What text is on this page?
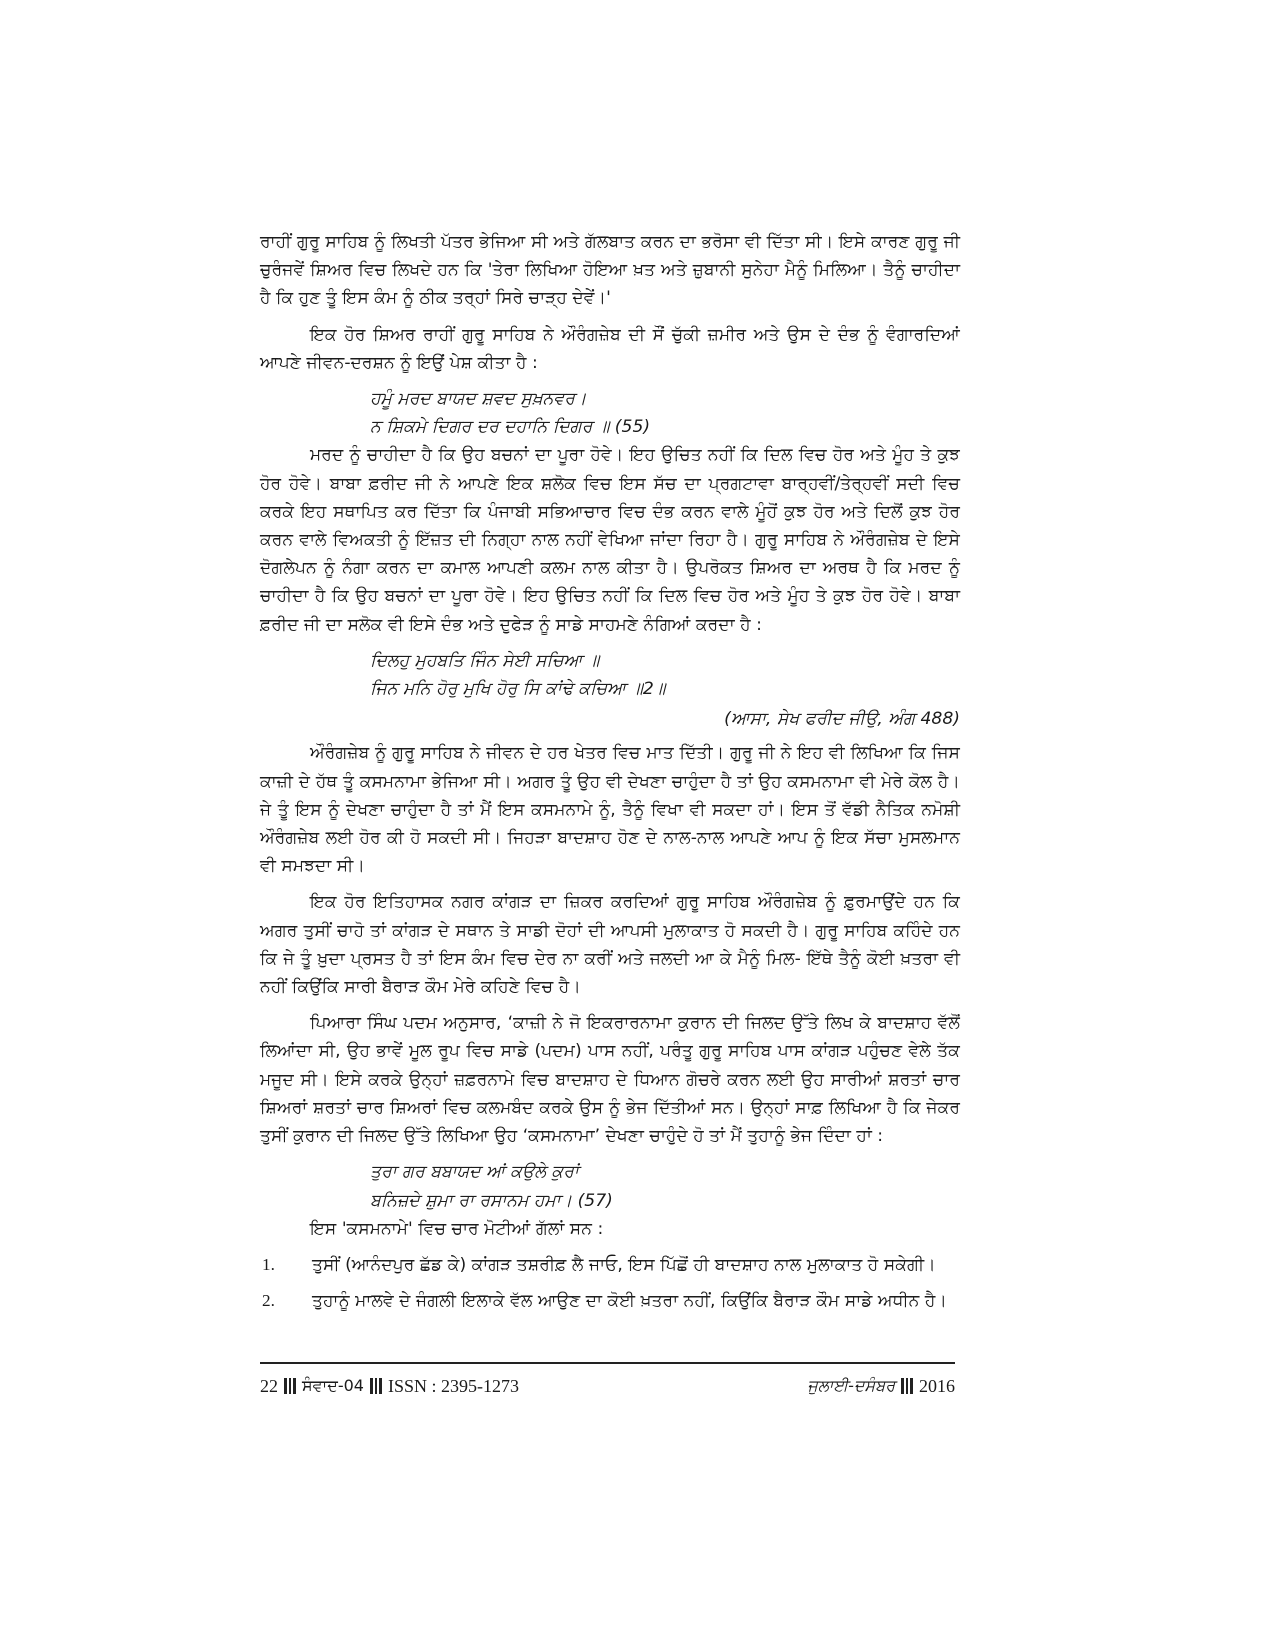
ਰਾਹੀਂ ਗੁਰੂ ਸਾਹਿਬ ਨੂੰ ਲਿਖਤੀ ਪੱਤਰ ਭੇਜਿਆ ਸੀ ਅਤੇ ਗੱਲਬਾਤ ਕਰਨ ਦਾ ਭਰੋਸਾ ਵੀ ਦਿੱਤਾ ਸੀ। ਇਸੇ ਕਾਰਣ ਗੁਰੂ ਜੀ ਚੁਰੰਜਵੇਂ ਸ਼ਿਅਰ ਵਿਚ ਲਿਖਦੇ ਹਨ ਕਿ 'ਤੇਰਾ ਲਿਖਿਆ ਹੋਇਆ ਖ਼ਤ ਅਤੇ ਜ਼ੁਬਾਨੀ ਸੁਨੇਹਾ ਮੈਨੂੰ ਮਿਲਿਆ। ਤੈਨੂੰ ਚਾਹੀਦਾ ਹੈ ਕਿ ਹੁਣ ਤੂੰ ਇਸ ਕੰਮ ਨੂੰ ਠੀਕ ਤਰ੍ਹਾਂ ਸਿਰੇ ਚਾੜ੍ਹ ਦੇਵੇਂ।'

ਇਕ ਹੋਰ ਸ਼ਿਅਰ ਰਾਹੀਂ ਗੁਰੂ ਸਾਹਿਬ ਨੇ ਔਰੰਗਜ਼ੇਬ ਦੀ ਸੌਂ ਚੁੱਕੀ ਜ਼ਮੀਰ ਅਤੇ ਉਸ ਦੇ ਦੰਭ ਨੂੰ ਵੰਗਾਰਦਿਆਂ ਆਪਣੇ ਜੀਵਨ-ਦਰਸ਼ਨ ਨੂੰ ਇਉਂ ਪੇਸ਼ ਕੀਤਾ ਹੈ :

ਹਮੂੰ ਮਰਦ ਬਾਯਦ ਸ਼ਵਦ ਸੁਖ਼ਨਵਰ।
ਨ ਸ਼ਿਕਮੇ ਦਿਗਰ ਦਰ ਦਹਾਨਿ ਦਿਗਰ ॥ (55)

ਮਰਦ ਨੂੰ ਚਾਹੀਦਾ ਹੈ ਕਿ ਉਹ ਬਚਨਾਂ ਦਾ ਪੂਰਾ ਹੋਵੇ। ਇਹ ਉਚਿਤ ਨਹੀਂ ਕਿ ਦਿਲ ਵਿਚ ਹੋਰ ਅਤੇ ਮੂੰਹ ਤੇ ਕੁਝ ਹੋਰ ਹੋਵੇ। ਬਾਬਾ ਫ਼ਰੀਦ ਜੀ ਨੇ ਆਪਣੇ ਇਕ ਸ਼ਲੋਕ ਵਿਚ ਇਸ ਸੱਚ ਦਾ ਪ੍ਰਗਟਾਵਾ ਬਾਰ੍ਹਵੀਂ/ਤੇਰ੍ਹਵੀਂ ਸਦੀ ਵਿਚ ਕਰਕੇ ਇਹ ਸਥਾਪਿਤ ਕਰ ਦਿੱਤਾ ਕਿ ਪੰਜਾਬੀ ਸਭਿਆਚਾਰ ਵਿਚ ਦੰਭ ਕਰਨ ਵਾਲੇ ਮੂੰਹੋਂ ਕੁਝ ਹੋਰ ਅਤੇ ਦਿਲੋਂ ਕੁਝ ਹੋਰ ਕਰਨ ਵਾਲੇ ਵਿਅਕਤੀ ਨੂੰ ਇੱਜ਼ਤ ਦੀ ਨਿਗ੍ਹਾ ਨਾਲ ਨਹੀਂ ਵੇਖਿਆ ਜਾਂਦਾ ਰਿਹਾ ਹੈ। ਗੁਰੂ ਸਾਹਿਬ ਨੇ ਔਰੰਗਜ਼ੇਬ ਦੇ ਇਸੇ ਦੋਗਲੇਪਨ ਨੂੰ ਨੰਗਾ ਕਰਨ ਦਾ ਕਮਾਲ ਆਪਣੀ ਕਲਮ ਨਾਲ ਕੀਤਾ ਹੈ। ਉਪਰੋਕਤ ਸ਼ਿਅਰ ਦਾ ਅਰਥ ਹੈ ਕਿ ਮਰਦ ਨੂੰ ਚਾਹੀਦਾ ਹੈ ਕਿ ਉਹ ਬਚਨਾਂ ਦਾ ਪੂਰਾ ਹੋਵੇ। ਇਹ ਉਚਿਤ ਨਹੀਂ ਕਿ ਦਿਲ ਵਿਚ ਹੋਰ ਅਤੇ ਮੂੰਹ ਤੇ ਕੁਝ ਹੋਰ ਹੋਵੇ। ਬਾਬਾ ਫ਼ਰੀਦ ਜੀ ਦਾ ਸਲੋਕ ਵੀ ਇਸੇ ਦੰਭ ਅਤੇ ਦੁਫੇੜ ਨੂੰ ਸਾਡੇ ਸਾਹਮਣੇ ਨੰਗਿਆਂ ਕਰਦਾ ਹੈ :

ਦਿਲਹੁ ਮੁਹਬਤਿ ਜਿੰਨ ਸੇਈ ਸਚਿਆ ॥
ਜਿਨ ਮਨਿ ਹੋਰੁ ਮੁਖਿ ਹੋਰੁ ਸਿ ਕਾਂਢੇ ਕਚਿਆ ॥2॥
(ਆਸਾ, ਸੇਖ ਫਰੀਦ ਜੀਉ, ਅੰਗ 488)

ਔਰੰਗਜ਼ੇਬ ਨੂੰ ਗੁਰੂ ਸਾਹਿਬ ਨੇ ਜੀਵਨ ਦੇ ਹਰ ਖੇਤਰ ਵਿਚ ਮਾਤ ਦਿੱਤੀ। ਗੁਰੂ ਜੀ ਨੇ ਇਹ ਵੀ ਲਿਖਿਆ ਕਿ ਜਿਸ ਕਾਜ਼ੀ ਦੇ ਹੱਥ ਤੂੰ ਕਸਮਨਾਮਾ ਭੇਜਿਆ ਸੀ। ਅਗਰ ਤੂੰ ਉਹ ਵੀ ਦੇਖਣਾ ਚਾਹੁੰਦਾ ਹੈ ਤਾਂ ਉਹ ਕਸਮਨਾਮਾ ਵੀ ਮੇਰੇ ਕੋਲ ਹੈ। ਜੇ ਤੂੰ ਇਸ ਨੂੰ ਦੇਖਣਾ ਚਾਹੁੰਦਾ ਹੈ ਤਾਂ ਮੈਂ ਇਸ ਕਸਮਨਾਮੇ ਨੂੰ, ਤੈਨੂੰ ਵਿਖਾ ਵੀ ਸਕਦਾ ਹਾਂ। ਇਸ ਤੋਂ ਵੱਡੀ ਨੈਤਿਕ ਨਮੋਸ਼ੀ ਔਰੰਗਜ਼ੇਬ ਲਈ ਹੋਰ ਕੀ ਹੋ ਸਕਦੀ ਸੀ। ਜਿਹੜਾ ਬਾਦਸ਼ਾਹ ਹੋਣ ਦੇ ਨਾਲ-ਨਾਲ ਆਪਣੇ ਆਪ ਨੂੰ ਇਕ ਸੱਚਾ ਮੁਸਲਮਾਨ ਵੀ ਸਮਝਦਾ ਸੀ।

ਇਕ ਹੋਰ ਇਤਿਹਾਸਕ ਨਗਰ ਕਾਂਗੜ ਦਾ ਜ਼ਿਕਰ ਕਰਦਿਆਂ ਗੁਰੂ ਸਾਹਿਬ ਔਰੰਗਜ਼ੇਬ ਨੂੰ ਫ਼ੁਰਮਾਉਂਦੇ ਹਨ ਕਿ ਅਗਰ ਤੁਸੀਂ ਚਾਹੋ ਤਾਂ ਕਾਂਗੜ ਦੇ ਸਥਾਨ ਤੇ ਸਾਡੀ ਦੋਹਾਂ ਦੀ ਆਪਸੀ ਮੁਲਾਕਾਤ ਹੋ ਸਕਦੀ ਹੈ। ਗੁਰੂ ਸਾਹਿਬ ਕਹਿੰਦੇ ਹਨ ਕਿ ਜੇ ਤੂੰ ਖ਼ੁਦਾ ਪ੍ਰਸਤ ਹੈ ਤਾਂ ਇਸ ਕੰਮ ਵਿਚ ਦੇਰ ਨਾ ਕਰੀਂ ਅਤੇ ਜਲਦੀ ਆ ਕੇ ਮੈਨੂੰ ਮਿਲ- ਇੱਥੇ ਤੈਨੂੰ ਕੋਈ ਖ਼ਤਰਾ ਵੀ ਨਹੀਂ ਕਿਉਂਕਿ ਸਾਰੀ ਬੈਰਾੜ ਕੌਮ ਮੇਰੇ ਕਹਿਣੇ ਵਿਚ ਹੈ।

ਪਿਆਰਾ ਸਿੰਘ ਪਦਮ ਅਨੁਸਾਰ, ‘ਕਾਜ਼ੀ ਨੇ ਜੋ ਇਕਰਾਰਨਾਮਾ ਕੁਰਾਨ ਦੀ ਜਿਲਦ ਉੱਤੇ ਲਿਖ ਕੇ ਬਾਦਸ਼ਾਹ ਵੱਲੋਂ ਲਿਆਂਦਾ ਸੀ, ਉਹ ਭਾਵੇਂ ਮੂਲ ਰੂਪ ਵਿਚ ਸਾਡੇ (ਪਦਮ) ਪਾਸ ਨਹੀਂ, ਪਰੰਤੂ ਗੁਰੂ ਸਾਹਿਬ ਪਾਸ ਕਾਂਗੜ ਪਹੁੰਚਣ ਵੇਲੇ ਤੱਕ ਮਜੂਦ ਸੀ। ਇਸੇ ਕਰਕੇ ਉਨ੍ਹਾਂ ਜ਼ਫ਼ਰਨਾਮੇ ਵਿਚ ਬਾਦਸ਼ਾਹ ਦੇ ਧਿਆਨ ਗੋਚਰੇ ਕਰਨ ਲਈ ਉਹ ਸਾਰੀਆਂ ਸ਼ਰਤਾਂ ਚਾਰ ਸ਼ਿਅਰਾਂ ਸ਼ਰਤਾਂ ਚਾਰ ਸ਼ਿਅਰਾਂ ਵਿਚ ਕਲਮਬੰਦ ਕਰਕੇ ਉਸ ਨੂੰ ਭੇਜ ਦਿੱਤੀਆਂ ਸਨ। ਉਨ੍ਹਾਂ ਸਾਫ਼ ਲਿਖਿਆ ਹੈ ਕਿ ਜੇਕਰ ਤੁਸੀਂ ਕੁਰਾਨ ਦੀ ਜਿਲਦ ਉੱਤੇ ਲਿਖਿਆ ਉਹ ‘ਕਸਮਨਾਮਾ’ ਦੇਖਣਾ ਚਾਹੁੰਦੇ ਹੋ ਤਾਂ ਮੈਂ ਤੁਹਾਨੂੰ ਭੇਜ ਦਿੰਦਾ ਹਾਂ :

ਤੁਰਾ ਗਰ ਬਬਾਯਦ ਆਂ ਕਉਲੇ ਕੁਰਾਂ
ਬਨਿਜ਼ਦੇ ਸ਼ੁਮਾ ਰਾ ਰਸਾਨਮ ਹਮਾ। (57)

ਇਸ 'ਕਸਮਨਾਮੇ' ਵਿਚ ਚਾਰ ਮੋਟੀਆਂ ਗੱਲਾਂ ਸਨ :

1. ਤੁਸੀਂ (ਆਨੰਦਪੁਰ ਛੱਡ ਕੇ) ਕਾਂਗੜ ਤਸ਼ਰੀਫ਼ ਲੈ ਜਾਓ, ਇਸ ਪਿੱਛੋਂ ਹੀ ਬਾਦਸ਼ਾਹ ਨਾਲ ਮੁਲਾਕਾਤ ਹੋ ਸਕੇਗੀ।
2. ਤੁਹਾਨੂੰ ਮਾਲਵੇ ਦੇ ਜੰਗਲੀ ਇਲਾਕੇ ਵੱਲ ਆਉਣ ਦਾ ਕੋਈ ਖ਼ਤਰਾ ਨਹੀਂ, ਕਿਉਂਕਿ ਬੈਰਾੜ ਕੌਮ ਸਾਡੇ ਅਧੀਨ ਹੈ।
22 ਸੰਵਾਦ-04 ISSN : 2395-1273	ਜੁਲਾਈ-ਦਸੰਬਰ 2016
